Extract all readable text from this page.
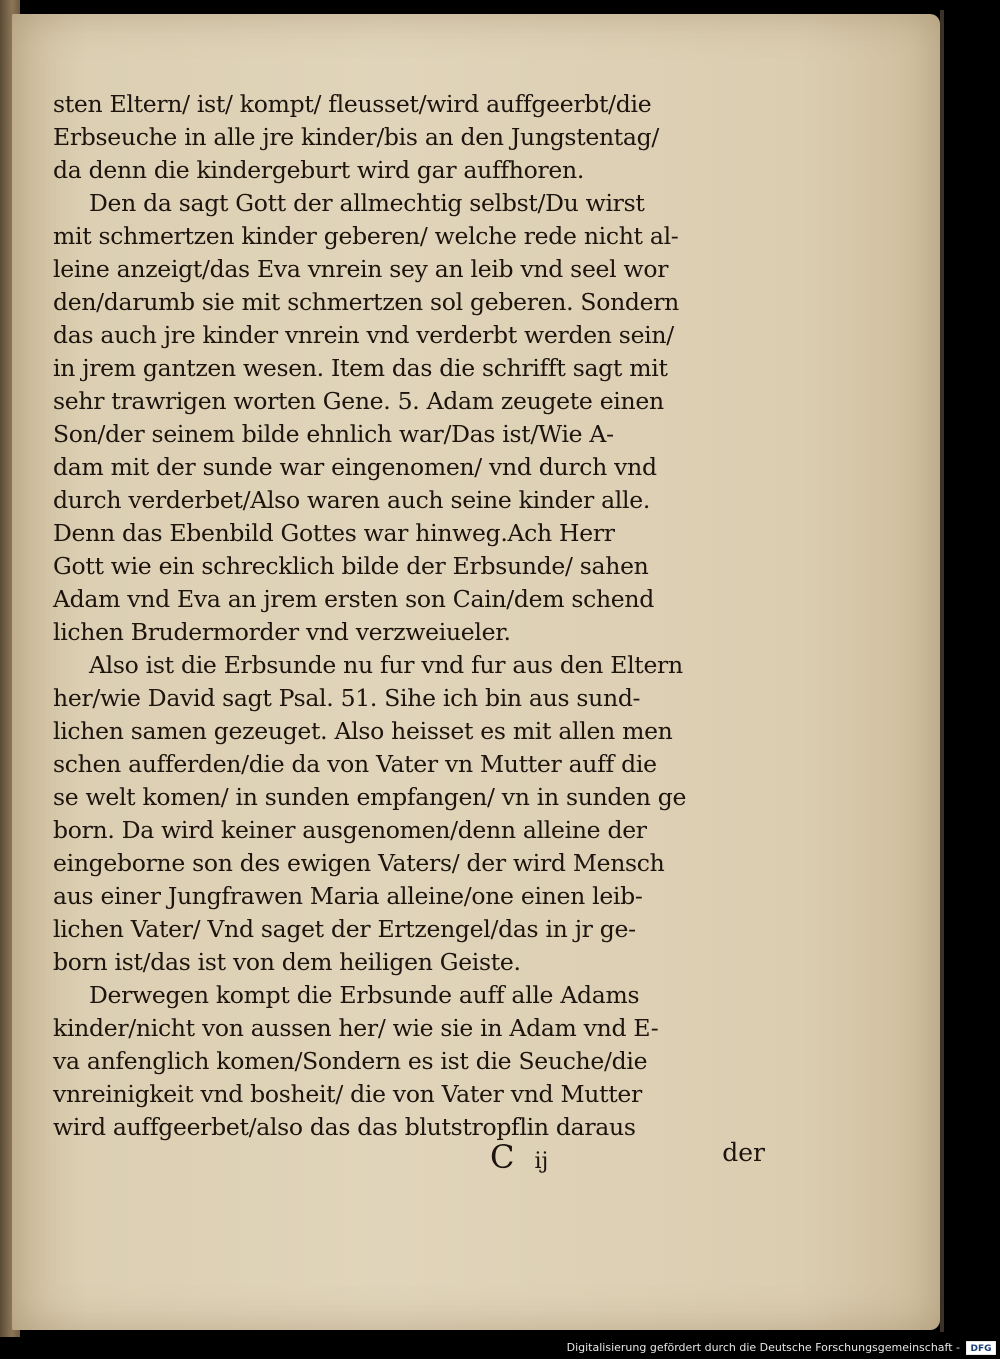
sten Eltern/ ist/ kompt/ fleusset/wird auffgeerbt/die
Erbseuche in alle jre kinder/bis an den Jungstentag/
da denn die kindergeburt wird gar auffhoren.
Den da sagt Gott der allmechtig selbst/Du wirst
mit schmertzen kinder geberen/ welche rede nicht al-
leine anzeigt/das Eva vnrein sey an leib vnd seel wor
den/darumb sie mit schmertzen sol geberen. Sondern
das auch jre kinder vnrein vnd verderbt werden sein/
in jrem gantzen wesen. Item das die schrifft sagt mit
sehr trawrigen worten Gene. 5. Adam zeugete einen
Son/der seinem bilde ehnlich war/Das ist/Wie A-
dam mit der sunde war eingenomen/ vnd durch vnd
durch verderbet/Also waren auch seine kinder alle.
Denn das Ebenbild Gottes war hinweg.Ach Herr
Gott wie ein schrecklich bilde der Erbsunde/ sahen
Adam vnd Eva an jrem ersten son Cain/dem schend
lichen Brudermorder vnd verzweiueler.
Also ist die Erbsunde nu fur vnd fur aus den Eltern
her/wie David sagt Psal. 51. Sihe ich bin aus sund-
lichen samen gezeuget. Also heisset es mit allen men
schen aufferden/die da von Vater vn Mutter auff die
se welt komen/ in sunden empfangen/ vn in sunden ge
born. Da wird keiner ausgenomen/denn alleine der
eingeborne son des ewigen Vaters/ der wird Mensch
aus einer Jungfrawen Maria alleine/one einen leib-
lichen Vater/ Vnd saget der Ertzengel/das in jr ge-
born ist/das ist von dem heiligen Geiste.
Derwegen kompt die Erbsunde auff alle Adams
kinder/nicht von aussen her/ wie sie in Adam vnd E-
va anfenglich komen/Sondern es ist die Seuche/die
vnreinigkeit vnd bosheit/ die von Vater vnd Mutter
wird auffgeerbet/also das das blutstropflin daraus
C ij	der
Digitalisierung gefördert durch die Deutsche Forschungsgemeinschaft -	DFG
